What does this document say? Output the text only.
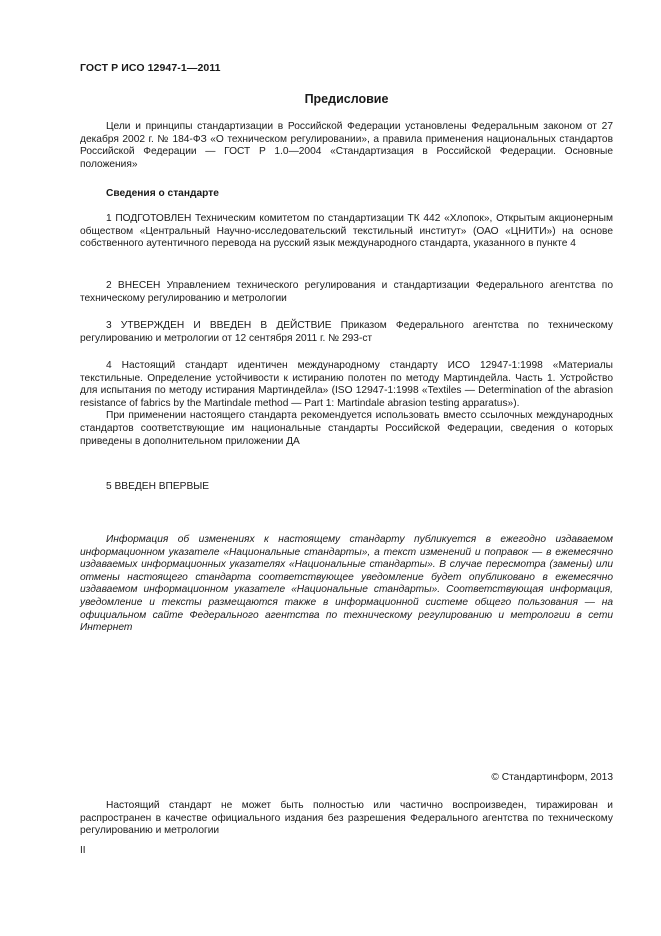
ГОСТ Р ИСО 12947-1—2011
Предисловие

Цели и принципы стандартизации в Российской Федерации установлены Федеральным законом от 27 декабря 2002 г. № 184-ФЗ «О техническом регулировании», а правила применения национальных стандартов Российской Федерации — ГОСТ Р 1.0—2004 «Стандартизация в Российской Федерации. Основные положения»

Сведения о стандарте

1 ПОДГОТОВЛЕН Техническим комитетом по стандартизации ТК 442 «Хлопок», Открытым акционерным обществом «Центральный Научно-исследовательский текстильный институт» (ОАО «ЦНИТИ») на основе собственного аутентичного перевода на русский язык международного стандарта, указанного в пункте 4

2 ВНЕСЕН Управлением технического регулирования и стандартизации Федерального агентства по техническому регулированию и метрологии

3 УТВЕРЖДЕН И ВВЕДЕН В ДЕЙСТВИЕ Приказом Федерального агентства по техническому регулированию и метрологии от 12 сентября 2011 г. № 293-ст

4 Настоящий стандарт идентичен международному стандарту ИСО 12947-1:1998 «Материалы текстильные. Определение устойчивости к истиранию полотен по методу Мартиндейла. Часть 1. Устройство для испытания по методу истирания Мартиндейла» (ISO 12947-1:1998 «Textiles — Determination of the abrasion resistance of fabrics by the Martindale method — Part 1: Martindale abrasion testing apparatus»).

При применении настоящего стандарта рекомендуется использовать вместо ссылочных международных стандартов соответствующие им национальные стандарты Российской Федерации, сведения о которых приведены в дополнительном приложении ДА

5 ВВЕДЕН ВПЕРВЫЕ

Информация об изменениях к настоящему стандарту публикуется в ежегодно издаваемом информационном указателе «Национальные стандарты», а текст изменений и поправок — в ежемесячно издаваемых информационных указателях «Национальные стандарты». В случае пересмотра (замены) или отмены настоящего стандарта соответствующее уведомление будет опубликовано в ежемесячно издаваемом информационном указателе «Национальные стандарты». Соответствующая информация, уведомление и тексты размещаются также в информационной системе общего пользования — на официальном сайте Федерального агентства по техническому регулированию и метрологии в сети Интернет

© Стандартинформ, 2013

Настоящий стандарт не может быть полностью или частично воспроизведен, тиражирован и распространен в качестве официального издания без разрешения Федерального агентства по техническому регулированию и метрологии

II
